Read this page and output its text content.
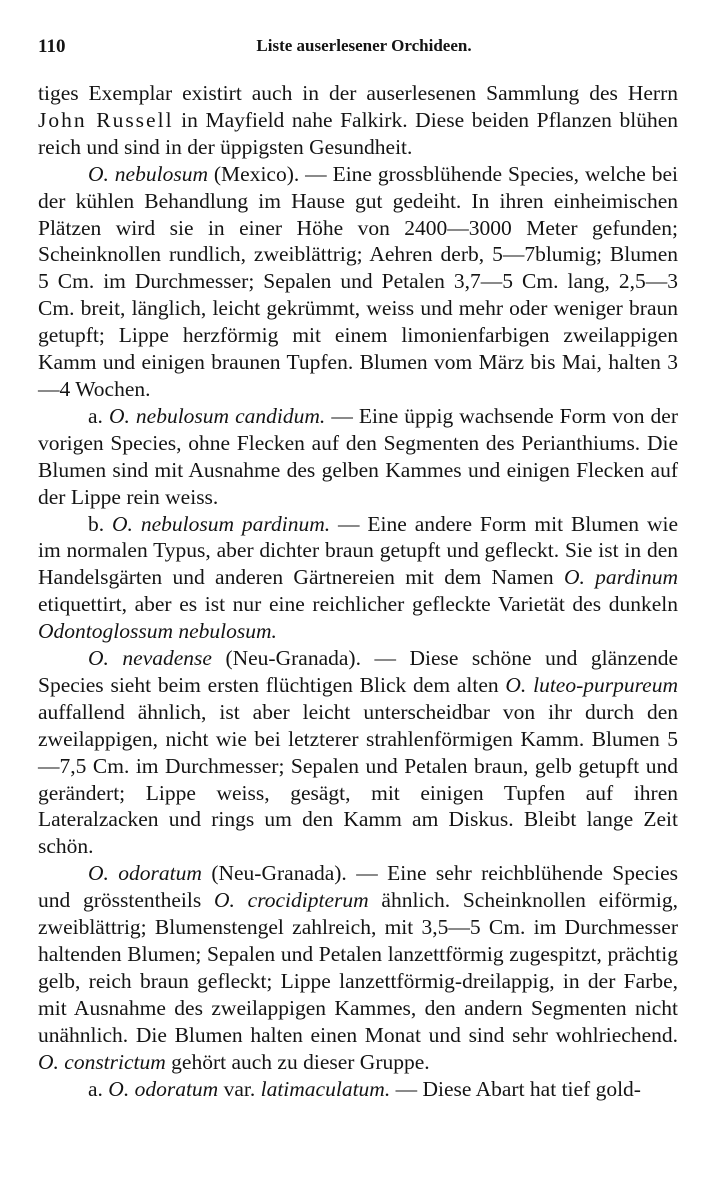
110	Liste auserlesener Orchideen.

tiges Exemplar existirt auch in der auserlesenen Sammlung des Herrn John Russell in Mayfield nahe Falkirk. Diese beiden Pflanzen blühen reich und sind in der üppigsten Gesundheit.

O. nebulosum (Mexico). — Eine grossblühende Species, welche bei der kühlen Behandlung im Hause gut gedeiht. In ihren einheimischen Plätzen wird sie in einer Höhe von 2400—3000 Meter gefunden; Scheinknollen rundlich, zweiblättrig; Aehren derb, 5—7blumig; Blumen 5 Cm. im Durchmesser; Sepalen und Petalen 3,7—5 Cm. lang, 2,5—3 Cm. breit, länglich, leicht gekrümmt, weiss und mehr oder weniger braun getupft; Lippe herzförmig mit einem limonienfarbigen zweilappigen Kamm und einigen braunen Tupfen. Blumen vom März bis Mai, halten 3—4 Wochen.

a. O. nebulosum candidum. — Eine üppig wachsende Form von der vorigen Species, ohne Flecken auf den Segmenten des Perianthiums. Die Blumen sind mit Ausnahme des gelben Kammes und einigen Flecken auf der Lippe rein weiss.

b. O. nebulosum pardinum. — Eine andere Form mit Blumen wie im normalen Typus, aber dichter braun getupft und gefleckt. Sie ist in den Handelsgärten und anderen Gärtnereien mit dem Namen O. pardinum etiquettirt, aber es ist nur eine reichlicher gefleckte Varietät des dunkeln Odontoglossum nebulosum.

O. nevadense (Neu-Granada). — Diese schöne und glänzende Species sieht beim ersten flüchtigen Blick dem alten O. luteo-purpureum auffallend ähnlich, ist aber leicht unterscheidbar von ihr durch den zweilappigen, nicht wie bei letzterer strahlenförmigen Kamm. Blumen 5—7,5 Cm. im Durchmesser; Sepalen und Petalen braun, gelb getupft und gerändert; Lippe weiss, gesägt, mit einigen Tupfen auf ihren Lateralzacken und rings um den Kamm am Diskus. Bleibt lange Zeit schön.

O. odoratum (Neu-Granada). — Eine sehr reichblühende Species und grösstentheils O. crocidipterum ähnlich. Scheinknollen eiförmig, zweiblättrig; Blumenstengel zahlreich, mit 3,5—5 Cm. im Durchmesser haltenden Blumen; Sepalen und Petalen lanzettförmig zugespitzt, prächtig gelb, reich braun gefleckt; Lippe lanzettförmig-dreilappig, in der Farbe, mit Ausnahme des zweilappigen Kammes, den andern Segmenten nicht unähnlich. Die Blumen halten einen Monat und sind sehr wohlriechend. O. constrictum gehört auch zu dieser Gruppe.

a. O. odoratum var. latimaculatum. — Diese Abart hat tief gold-
